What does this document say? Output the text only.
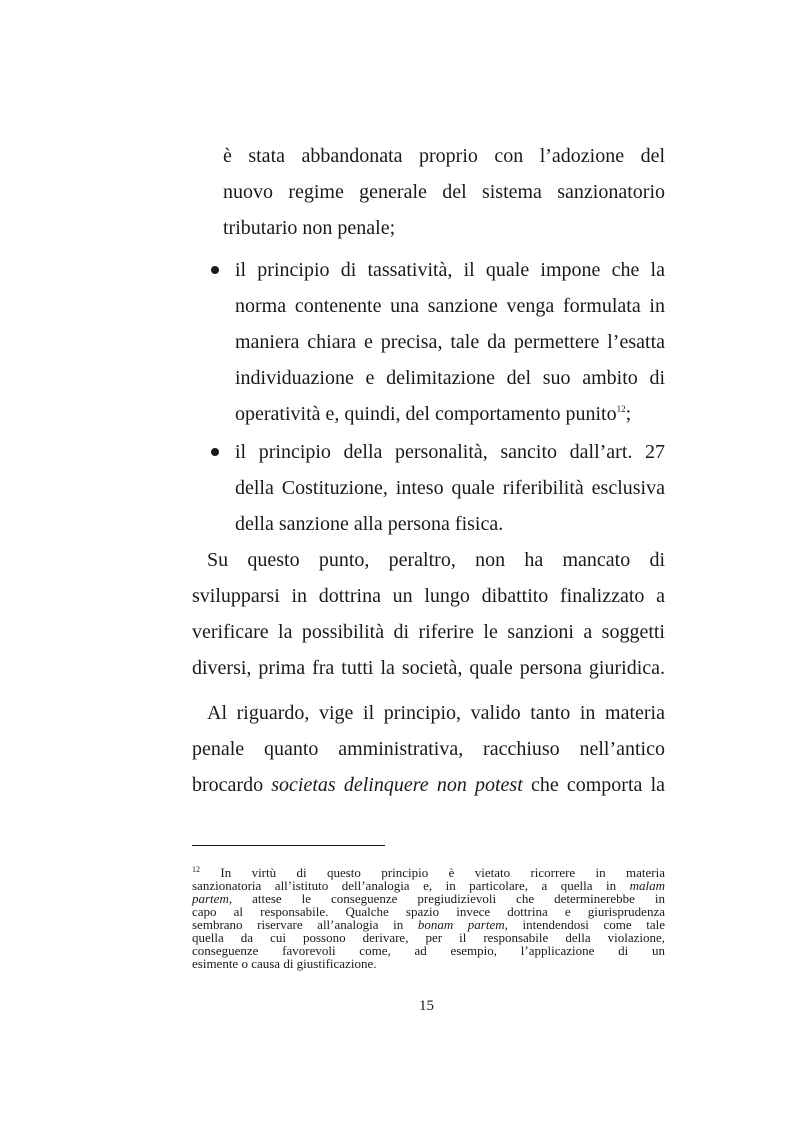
è stata abbandonata proprio con l’adozione del
nuovo regime generale del sistema sanzionatorio
tributario non penale;
il principio di tassatività, il quale impone che la
norma contenente una sanzione venga formulata in
maniera chiara e precisa, tale da permettere l’esatta
individuazione e delimitazione del suo ambito di
operatività e, quindi, del comportamento punito$^{12}$;
il principio della personalità, sancito dall’art. 27
della Costituzione, inteso quale riferibilità esclusiva
della sanzione alla persona fisica.
Su questo punto, peraltro, non ha mancato di
svilupparsi in dottrina un lungo dibattito finalizzato a
verificare la possibilità di riferire le sanzioni a soggetti
diversi, prima fra tutti la società, quale persona giuridica.
Al riguardo, vige il principio, valido tanto in materia
penale quanto amministrativa, racchiuso nell’antico
brocardo societas delinquere non potest che comporta la
$^{12}$ In virtù di questo principio è vietato ricorrere in materia
sanzionatoria all’istituto dell’analogia e, in particolare, a quella in malam
partem, attese le conseguenze pregiudizievoli che determinerebbe in
capo al responsabile. Qualche spazio invece dottrina e giurisprudenza
sembrano riservare all’analogia in bonam partem, intendendosi come tale
quella da cui possono derivare, per il responsabile della violazione,
conseguenze favorevoli come, ad esempio, l’applicazione di un
esimente o causa di giustificazione.
15
